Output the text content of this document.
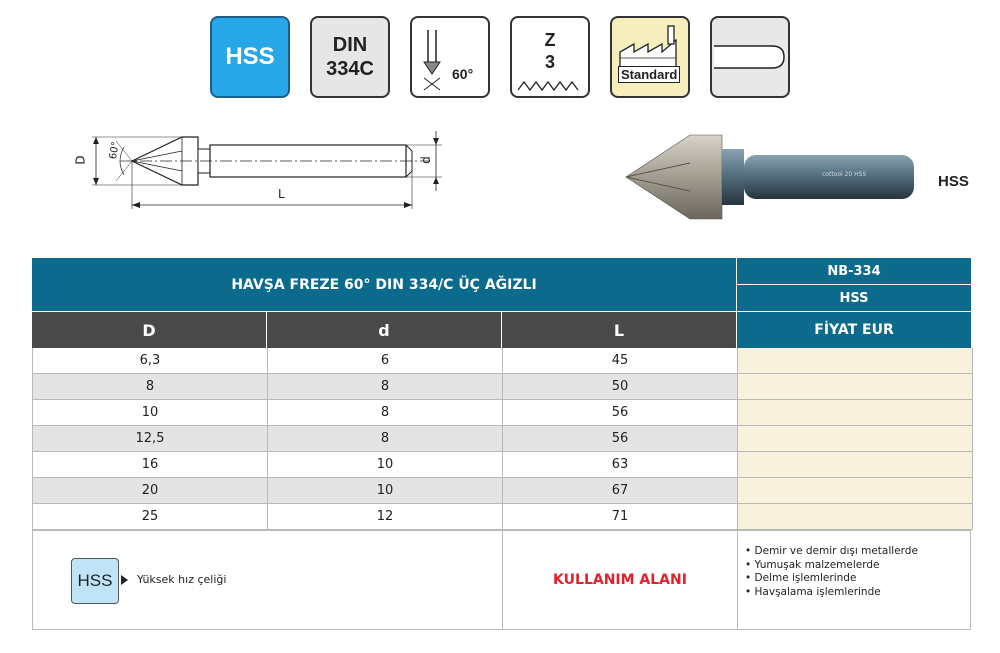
HSS	DIN
334C	60°
Z
3
Standard
D 60°	d
L
cottool 20 HSS	HSS
HAVŞA FREZE 60° DIN 334/C ÜÇ AĞIZLI
NB-334
HSS
D	d	L	FİYAT EUR
6,3	6	45
8	8	50
10	8	56
12,5	8	56
16	10	63
20	10	67
25	12	71
HSS	Yüksek hız çeliği	KULLANIM ALANI
• Demir ve demir dışı metallerde
• Yumuşak malzemelerde
• Delme işlemlerinde
• Havşalama işlemlerinde
